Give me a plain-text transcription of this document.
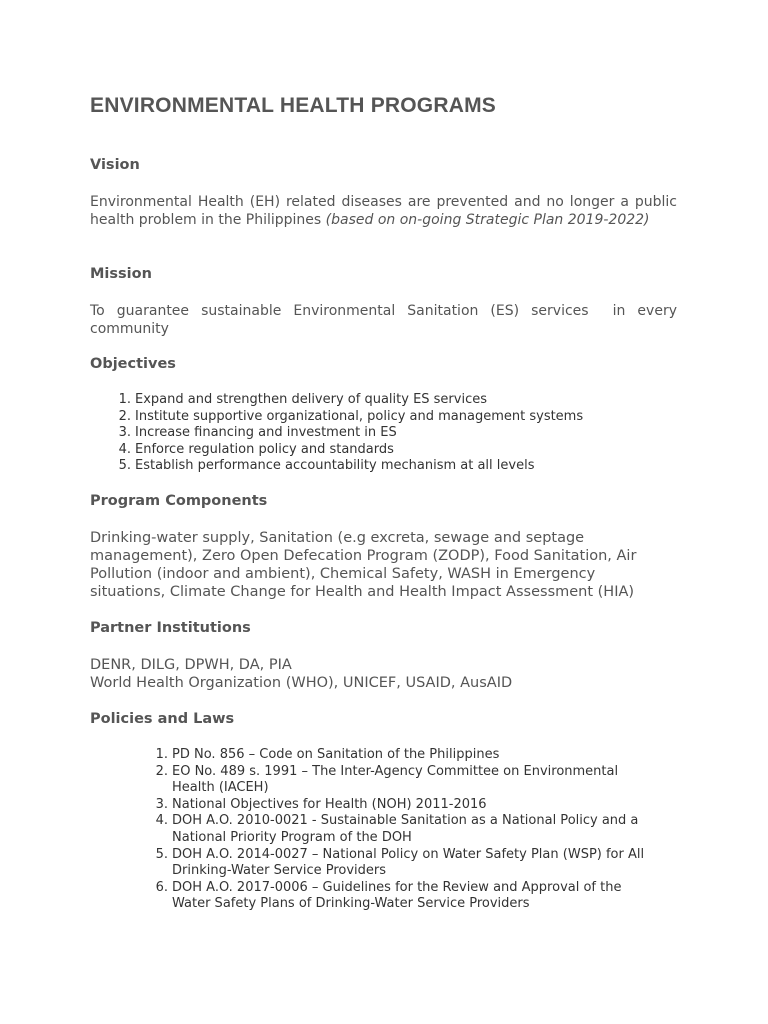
ENVIRONMENTAL HEALTH PROGRAMS
Vision

Environmental Health (EH) related diseases are prevented and no longer a public health problem in the Philippines (based on on-going Strategic Plan 2019-2022)

Mission

To guarantee sustainable Environmental Sanitation (ES) services  in every community

Objectives
1. Expand and strengthen delivery of quality ES services
2. Institute supportive organizational, policy and management systems
3. Increase financing and investment in ES
4. Enforce regulation policy and standards
5. Establish performance accountability mechanism at all levels
Program Components

Drinking-water supply, Sanitation (e.g excreta, sewage and septage
management), Zero Open Defecation Program (ZODP), Food Sanitation, Air
Pollution (indoor and ambient), Chemical Safety, WASH in Emergency
situations, Climate Change for Health and Health Impact Assessment (HIA)

Partner Institutions

DENR, DILG, DPWH, DA, PIA
World Health Organization (WHO), UNICEF, USAID, AusAID

Policies and Laws
1. PD No. 856 – Code on Sanitation of the Philippines
2. EO No. 489 s. 1991 – The Inter-Agency Committee on Environmental
Health (IACEH)
3. National Objectives for Health (NOH) 2011-2016
4. DOH A.O. 2010-0021 - Sustainable Sanitation as a National Policy and a
National Priority Program of the DOH
5. DOH A.O. 2014-0027 – National Policy on Water Safety Plan (WSP) for All
Drinking-Water Service Providers
6. DOH A.O. 2017-0006 – Guidelines for the Review and Approval of the
Water Safety Plans of Drinking-Water Service Providers
